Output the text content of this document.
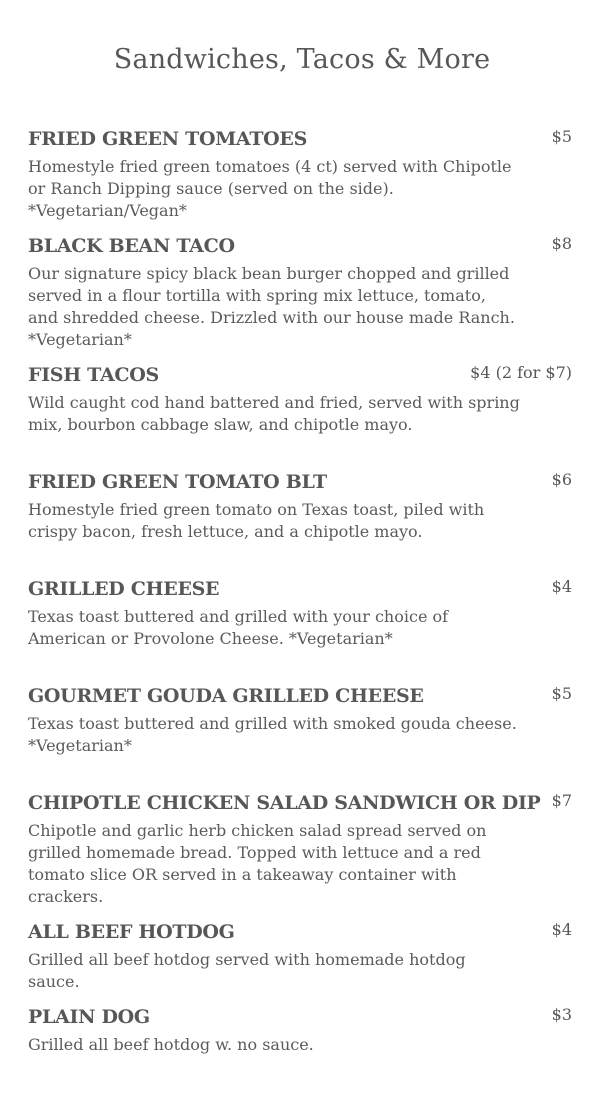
Sandwiches, Tacos & More
FRIED GREEN TOMATOES	$5
Homestyle fried green tomatoes (4 ct) served with Chipotle or Ranch Dipping sauce (served on the side). *Vegetarian/Vegan*
BLACK BEAN TACO	$8
Our signature spicy black bean burger chopped and grilled served in a flour tortilla with spring mix lettuce, tomato, and shredded cheese. Drizzled with our house made Ranch. *Vegetarian*
FISH TACOS	$4 (2 for $7)
Wild caught cod hand battered and fried, served with spring mix, bourbon cabbage slaw, and chipotle mayo.
FRIED GREEN TOMATO BLT	$6
Homestyle fried green tomato on Texas toast, piled with crispy bacon, fresh lettuce, and a chipotle mayo.
GRILLED CHEESE	$4
Texas toast buttered and grilled with your choice of American or Provolone Cheese. *Vegetarian*
GOURMET GOUDA GRILLED CHEESE	$5
Texas toast buttered and grilled with smoked gouda cheese. *Vegetarian*
CHIPOTLE CHICKEN SALAD SANDWICH OR DIP $7
Chipotle and garlic herb chicken salad spread served on grilled homemade bread. Topped with lettuce and a red tomato slice OR served in a takeaway container with crackers.
ALL BEEF HOTDOG	$4
Grilled all beef hotdog served with homemade hotdog sauce.
PLAIN DOG	$3
Grilled all beef hotdog w. no sauce.
